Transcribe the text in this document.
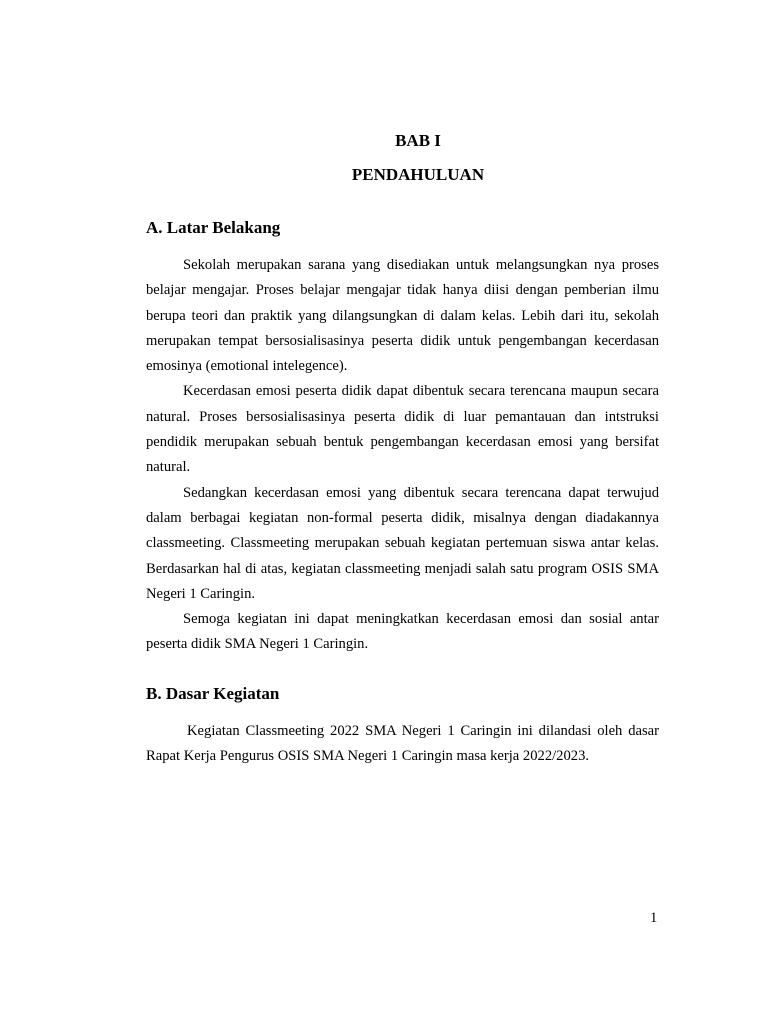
BAB I
PENDAHULUAN
A. Latar Belakang

Sekolah merupakan sarana yang disediakan untuk melangsungkan nya proses belajar mengajar. Proses belajar mengajar tidak hanya diisi dengan pemberian ilmu berupa teori dan praktik yang dilangsungkan di dalam kelas. Lebih dari itu, sekolah merupakan tempat bersosialisasinya peserta didik untuk pengembangan kecerdasan emosinya (emotional intelegence).

Kecerdasan emosi peserta didik dapat dibentuk secara terencana maupun secara natural. Proses bersosialisasinya peserta didik di luar pemantauan dan intstruksi pendidik merupakan sebuah bentuk pengembangan kecerdasan emosi yang bersifat natural.

Sedangkan kecerdasan emosi yang dibentuk secara terencana dapat terwujud dalam berbagai kegiatan non-formal peserta didik, misalnya dengan diadakannya classmeeting. Classmeeting merupakan sebuah kegiatan pertemuan siswa antar kelas. Berdasarkan hal di atas, kegiatan classmeeting menjadi salah satu program OSIS SMA Negeri 1 Caringin.

Semoga kegiatan ini dapat meningkatkan kecerdasan emosi dan sosial antar peserta didik SMA Negeri 1 Caringin.

B. Dasar Kegiatan

Kegiatan Classmeeting 2022 SMA Negeri 1 Caringin ini dilandasi oleh dasar Rapat Kerja Pengurus OSIS SMA Negeri 1 Caringin masa kerja 2022/2023.

1
